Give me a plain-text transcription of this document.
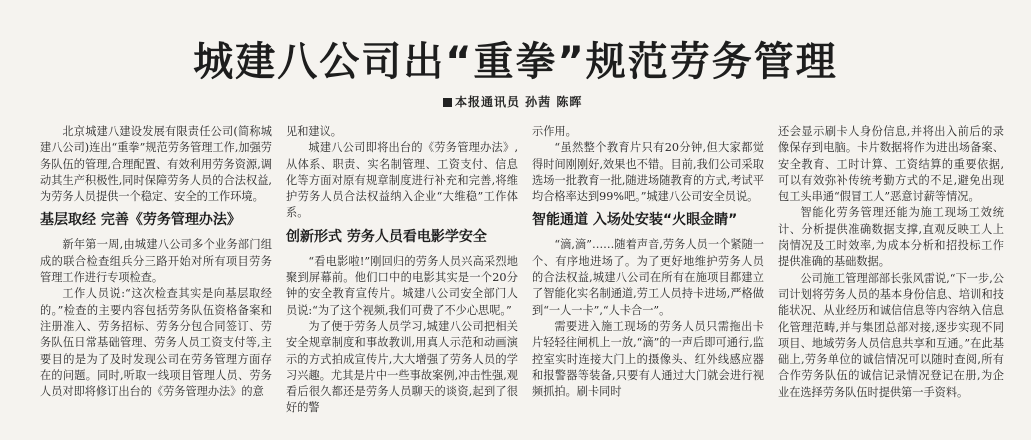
城建八公司出“重拳”规范劳务管理
本报通讯员 孙茜 陈晖

北京城建八建设发展有限责任公司(简称城建八公司)连出“重拳”规范劳务管理工作,加强劳务队伍的管理,合理配置、有效利用劳务资源,调动其生产积极性,同时保障劳务人员的合法权益,为劳务人员提供一个稳定、安全的工作环境。

基层取经 完善《劳务管理办法》

新年第一周,由城建八公司多个业务部门组成的联合检查组兵分三路开始对所有项目劳务管理工作进行专项检查。

工作人员说:“这次检查其实是向基层取经的。”检查的主要内容包括劳务队伍资格备案和注册准入、劳务招标、劳务分包合同签订、劳务队伍日常基础管理、劳务人员工资支付等,主要目的是为了及时发现公司在劳务管理方面存在的问题。同时,听取一线项目管理人员、劳务人员对即将修订出台的《劳务管理办法》的意

见和建议。

城建八公司即将出台的《劳务管理办法》,从体系、职责、实名制管理、工资支付、信息化等方面对原有规章制度进行补充和完善,将维护劳务人员合法权益纳入企业“大维稳”工作体系。

创新形式 劳务人员看电影学安全

“看电影啦!”刚回归的劳务人员兴高采烈地聚到屏幕前。他们口中的电影其实是一个20分钟的安全教育宣传片。城建八公司安全部门人员说:“为了这个视频,我们可费了不少心思呢。”

为了便于劳务人员学习,城建八公司把相关安全规章制度和事故教训,用真人示范和动画演示的方式拍成宣传片,大大增强了劳务人员的学习兴趣。尤其是片中一些事故案例,冲击性强,观看后很久都还是劳务人员聊天的谈资,起到了很好的警

示作用。

“虽然整个教育片只有20分钟,但大家都觉得时间刚刚好,效果也不错。目前,我们公司采取选场一批教育一批,随进场随教育的方式,考试平均合格率达到99%吧。”城建八公司安全员说。

智能通道 入场处安装“火眼金睛”

“滴,滴”……随着声音,劳务人员一个紧随一个、有序地进场了。为了更好地维护劳务人员的合法权益,城建八公司在所有在施项目都建立了智能化实名制通道,劳工人员持卡进场,严格做到“一人一卡”,“人卡合一”。

需要进入施工现场的劳务人员只需拖出卡片轻轻往闸机上一放,“滴”的一声后即可通行,监控室实时连接大门上的摄像头、红外线感应器和报警器等装备,只要有人通过大门就会进行视频抓拍。刷卡同时

还会显示刷卡人身份信息,并将出入前后的录像保存到电脑。卡片数据将作为进出场备案、安全教育、工时计算、工资结算的重要依据,可以有效弥补传统考勤方式的不足,避免出现包工头串通“假冒工人”恶意讨薪等情况。

智能化劳务管理还能为施工现场工效统计、分析提供准确数据支撑,直观反映工人上岗情况及工时效率,为成本分析和招投标工作提供准确的基础数据。

公司施工管理部部长张风雷说,“下一步,公司计划将劳务人员的基本身份信息、培训和技能状况、从业经历和诚信信息等内容纳入信息化管理范畴,并与集团总部对接,逐步实现不同项目、地域劳务人员信息共享和互通。”在此基础上,劳务单位的诚信情况可以随时查阅,所有合作劳务队伍的诚信记录情况登记在册,为企业在选择劳务队伍时提供第一手资料。
